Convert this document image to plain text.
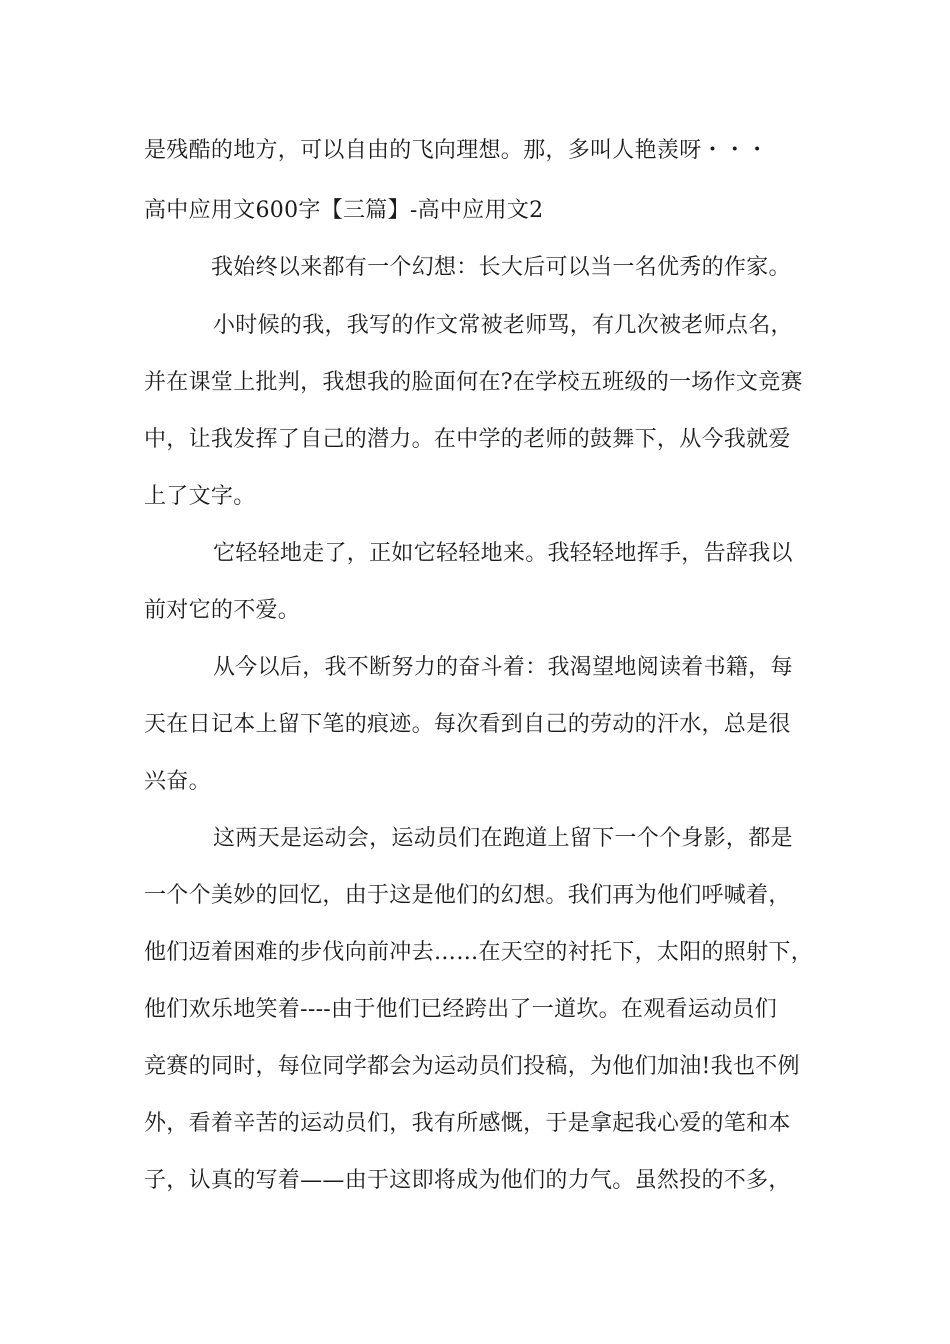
是残酷的地方，可以自由的飞向理想。那，多叫人艳羡呀・・・
高中应用文600字【三篇】-高中应用文2
我始终以来都有一个幻想：长大后可以当一名优秀的作家。
小时候的我，我写的作文常被老师骂，有几次被老师点名，
并在课堂上批判，我想我的脸面何在?在学校五班级的一场作文竞赛
中，让我发挥了自己的潜力。在中学的老师的鼓舞下，从今我就爱
上了文字。
它轻轻地走了，正如它轻轻地来。我轻轻地挥手，告辞我以
前对它的不爱。
从今以后，我不断努力的奋斗着：我渴望地阅读着书籍，每
天在日记本上留下笔的痕迹。每次看到自己的劳动的汗水，总是很
兴奋。
这两天是运动会，运动员们在跑道上留下一个个身影，都是
一个个美妙的回忆，由于这是他们的幻想。我们再为他们呼喊着，
他们迈着困难的步伐向前冲去……在天空的衬托下，太阳的照射下，
他们欢乐地笑着----由于他们已经跨出了一道坎。在观看运动员们
竞赛的同时，每位同学都会为运动员们投稿，为他们加油!我也不例
外，看着辛苦的运动员们，我有所感慨，于是拿起我心爱的笔和本
子，认真的写着——由于这即将成为他们的力气。虽然投的不多，
